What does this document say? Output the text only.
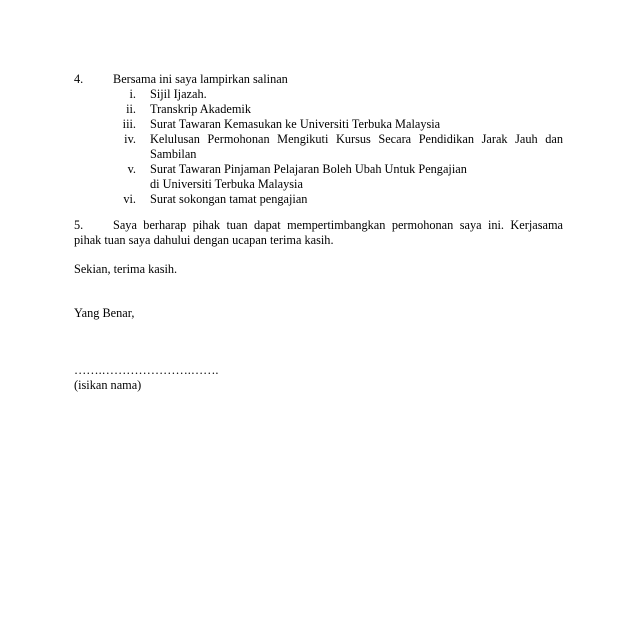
4. Bersama ini saya lampirkan salinan
i. Sijil Ijazah.
ii. Transkrip Akademik
iii. Surat Tawaran Kemasukan ke Universiti Terbuka Malaysia
iv. Kelulusan Permohonan Mengikuti Kursus Secara Pendidikan Jarak Jauh dan
Sambilan
v. Surat Tawaran Pinjaman Pelajaran Boleh Ubah Untuk Pengajian
di Universiti Terbuka Malaysia
vi. Surat sokongan tamat pengajian
5. Saya berharap pihak tuan dapat mempertimbangkan permohonan saya ini. Kerjasama pihak tuan saya dahului dengan ucapan terima kasih.
Sekian, terima kasih.
Yang Benar,
…….………………….…….
(isikan nama)
